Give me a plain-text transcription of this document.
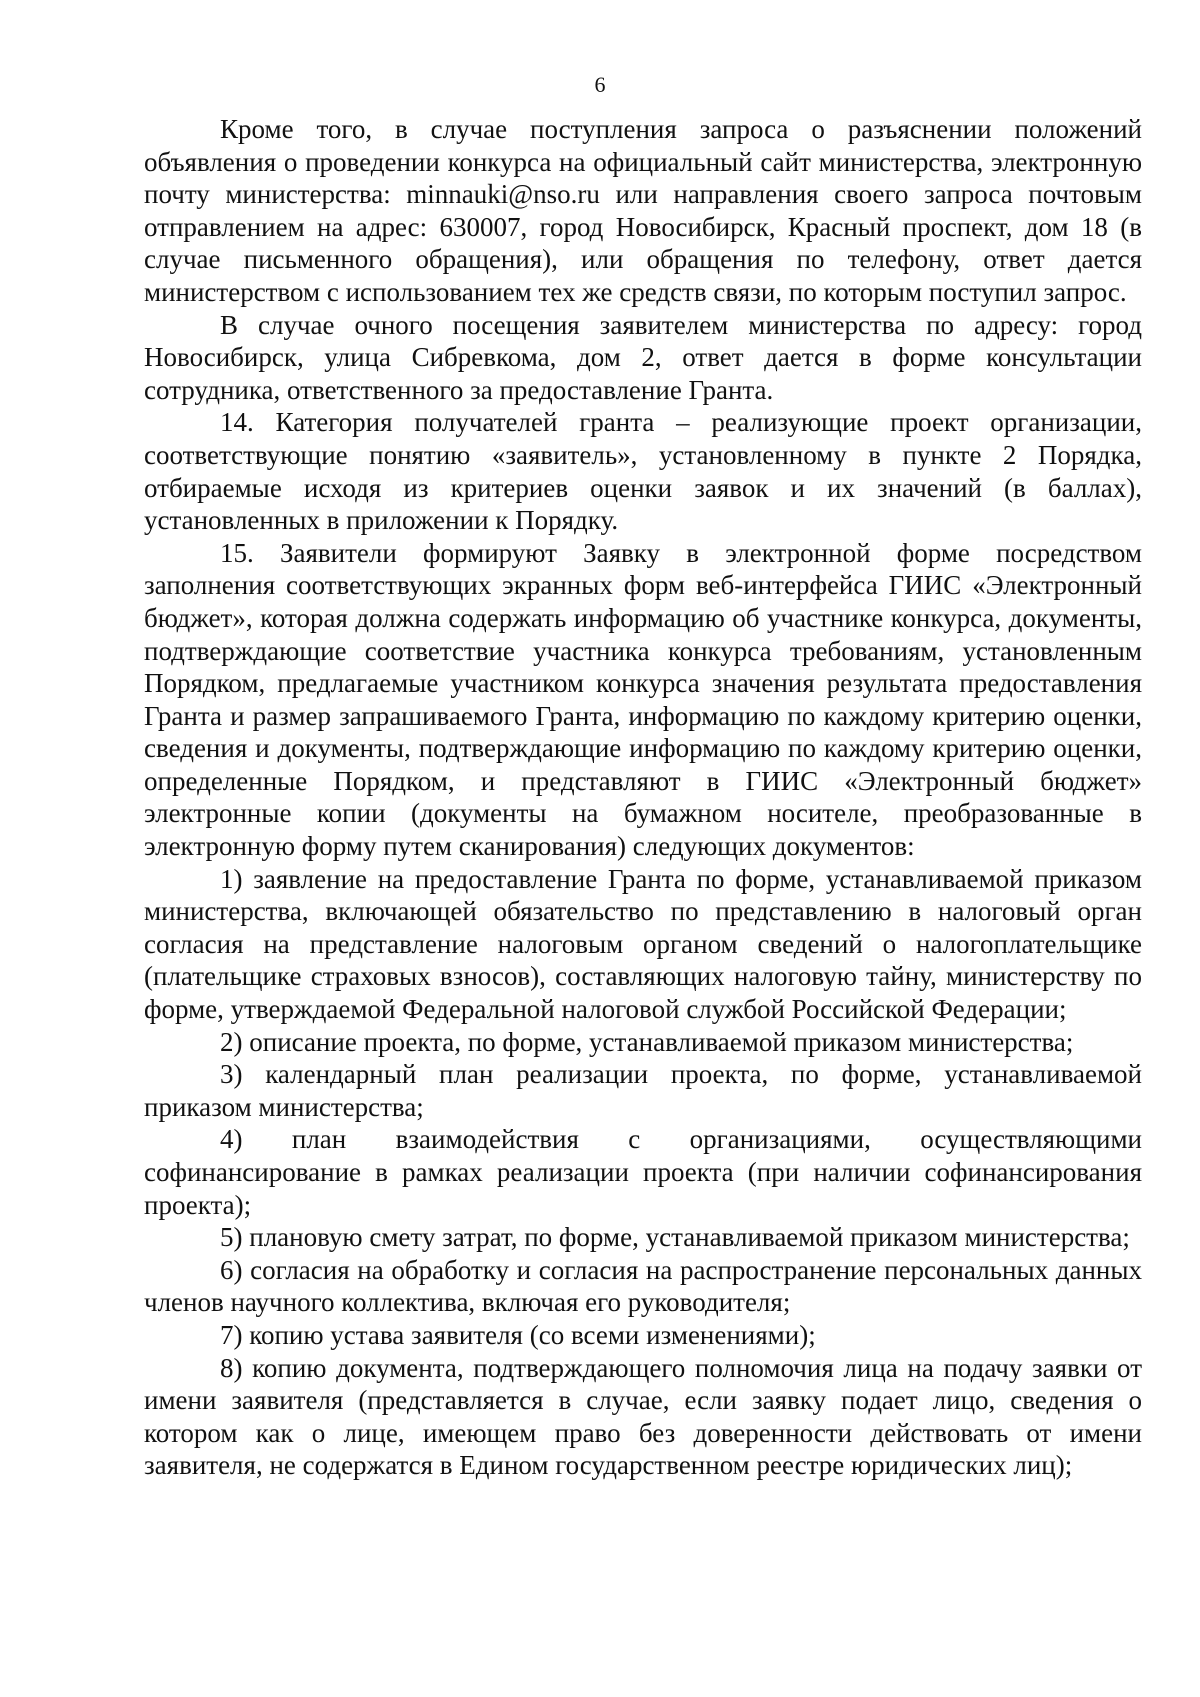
6

Кроме того, в случае поступления запроса о разъяснении положений объявления о проведении конкурса на официальный сайт министерства, электронную почту министерства: minnauki@nso.ru или направления своего запроса почтовым отправлением на адрес: 630007, город Новосибирск, Красный проспект, дом 18 (в случае письменного обращения), или обращения по телефону, ответ дается министерством с использованием тех же средств связи, по которым поступил запрос.

В случае очного посещения заявителем министерства по адресу: город Новосибирск, улица Сибревкома, дом 2, ответ дается в форме консультации сотрудника, ответственного за предоставление Гранта.

14. Категория получателей гранта – реализующие проект организации, соответствующие понятию «заявитель», установленному в пункте 2 Порядка, отбираемые исходя из критериев оценки заявок и их значений (в баллах), установленных в приложении к Порядку.

15. Заявители формируют Заявку в электронной форме посредством заполнения соответствующих экранных форм веб-интерфейса ГИИС «Электронный бюджет», которая должна содержать информацию об участнике конкурса, документы, подтверждающие соответствие участника конкурса требованиям, установленным Порядком, предлагаемые участником конкурса значения результата предоставления Гранта и размер запрашиваемого Гранта, информацию по каждому критерию оценки, сведения и документы, подтверждающие информацию по каждому критерию оценки, определенные Порядком, и представляют в ГИИС «Электронный бюджет» электронные копии (документы на бумажном носителе, преобразованные в электронную форму путем сканирования) следующих документов:

1) заявление на предоставление Гранта по форме, устанавливаемой приказом министерства, включающей обязательство по представлению в налоговый орган согласия на представление налоговым органом сведений о налогоплательщике (плательщике страховых взносов), составляющих налоговую тайну, министерству по форме, утверждаемой Федеральной налоговой службой Российской Федерации;

2) описание проекта, по форме, устанавливаемой приказом министерства;

3) календарный план реализации проекта, по форме, устанавливаемой приказом министерства;

4) план взаимодействия с организациями, осуществляющими софинансирование в рамках реализации проекта (при наличии софинансирования проекта);

5) плановую смету затрат, по форме, устанавливаемой приказом министерства;

6) согласия на обработку и согласия на распространение персональных данных членов научного коллектива, включая его руководителя;

7) копию устава заявителя (со всеми изменениями);

8) копию документа, подтверждающего полномочия лица на подачу заявки от имени заявителя (представляется в случае, если заявку подает лицо, сведения о котором как о лице, имеющем право без доверенности действовать от имени заявителя, не содержатся в Едином государственном реестре юридических лиц);
